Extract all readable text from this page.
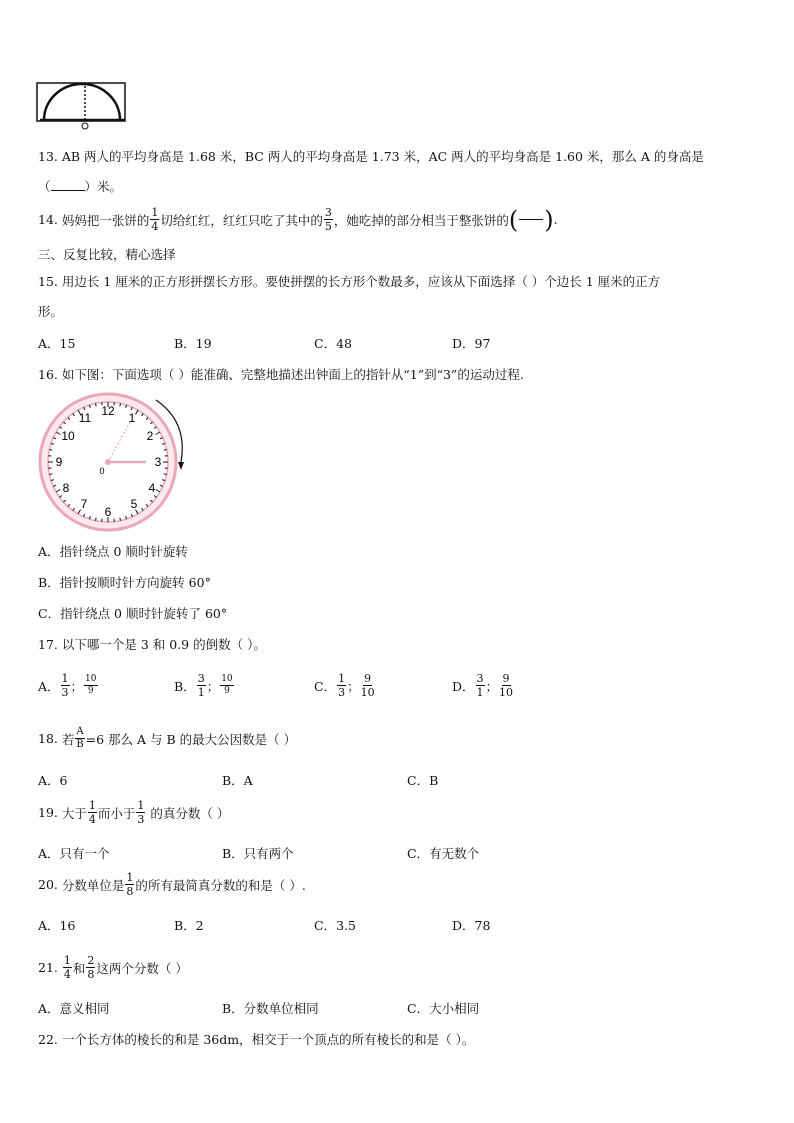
13. AB 两人的平均身高是 1.68 米，BC 两人的平均身高是 1.73 米，AC 两人的平均身高是 1.60 米，那么 A 的身高是
（	）米。
14.
妈妈把一张饼的 $\frac{1}{4}$ 切给红红，红红只吃了其中的 $\frac{3}{5}$ ，她吃掉的部分相当于整张饼的 ( ) .
三、反复比较，精心选择
15. 用边长 1 厘米的正方形拼摆长方形。要使拼摆的长方形个数最多，应该从下面选择（ ）个边长 1 厘米的正方
形。
A．15	B．19	C．48	D．97
16. 如下图：下面选项（ ）能准确、完整地描述出钟面上的指针从“1”到“3”的运动过程.
12 1
2
3
4
5
6
7
8
9
10
11
0
A．指针绕点 0 顺时针旋转
B．指针按顺时针方向旋转 60°
C．指针绕点 0 顺时针旋转了 60°
17. 以下哪一个是 3 和 0.9 的倒数（ ）。
A． $\frac{1}{3}$ ； $\frac{10}{9}$	B． $\frac{3}{1}$ ； $\frac{10}{9}$	C． $\frac{1}{3}$ ； $\frac{9}{10}$	D． $\frac{3}{1}$ ； $\frac{9}{10}$
18.
若 $\frac{A}{B} =6$ 那么 A 与 B 的最大公因数是（ ）
A．6	B．A	C．B
19.
大于 $\frac{1}{4}$ 而小于 $\frac{1}{3}$
的真分数（ ）
A．只有一个	B．只有两个	C．有无数个
20.
分数单位是 $\frac{1}{8}$ 的所有最简真分数的和是（ ）.
A．16	B．2	C．3.5	D．78
21.
$\frac{1}{4}$ 和 $\frac{2}{8}$ 这两个分数（ ）
A．意义相同	B．分数单位相同	C．大小相同
22. 一个长方体的棱长的和是 36dm，相交于一个顶点的所有棱长的和是（ ）。
